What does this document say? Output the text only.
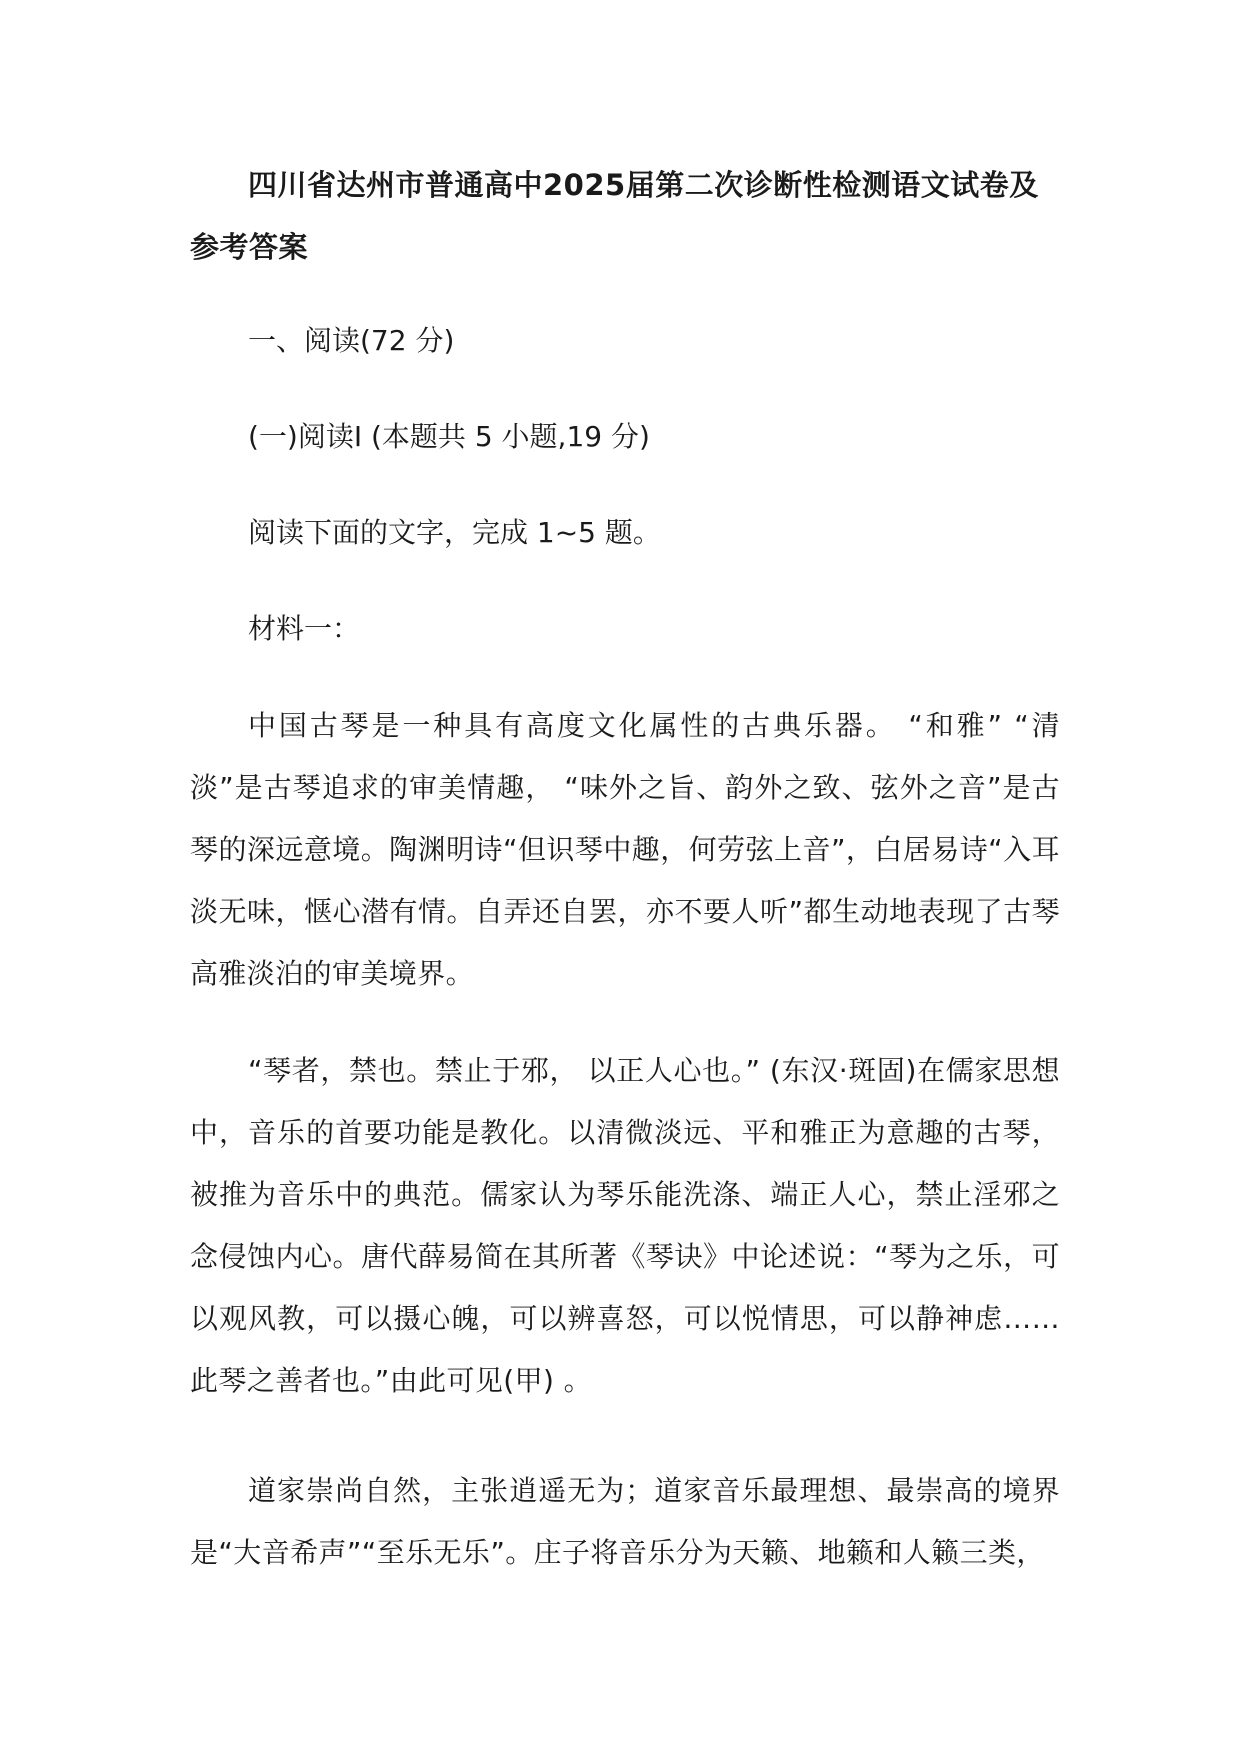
四川省达州市普通高中2025届第二次诊断性检测语文试卷及参考答案

一、阅读(72 分)

(一)阅读Ⅰ (本题共 5 小题,19 分)

阅读下面的文字，完成 1~5 题。

材料一：

中国古琴是一种具有高度文化属性的古典乐器。 “和雅” “清淡”是古琴追求的审美情趣， “味外之旨、韵外之致、弦外之音”是古琴的深远意境。陶渊明诗“但识琴中趣，何劳弦上音”，白居易诗“入耳淡无味，惬心潜有情。自弄还自罢，亦不要人听”都生动地表现了古琴高雅淡泊的审美境界。

“琴者，禁也。禁止于邪， 以正人心也。” (东汉·斑固)在儒家思想中，音乐的首要功能是教化。以清微淡远、平和雅正为意趣的古琴，被推为音乐中的典范。儒家认为琴乐能洗涤、端正人心，禁止淫邪之念侵蚀内心。唐代薛易简在其所著《琴诀》中论述说：“琴为之乐，可以观风教，可以摄心魄，可以辨喜怒，可以悦情思，可以静神虑……此琴之善者也。”由此可见(甲) 。

道家崇尚自然，主张逍遥无为；道家音乐最理想、最崇高的境界是“大音希声”“至乐无乐”。庄子将音乐分为天籁、地籁和人籁三类，
